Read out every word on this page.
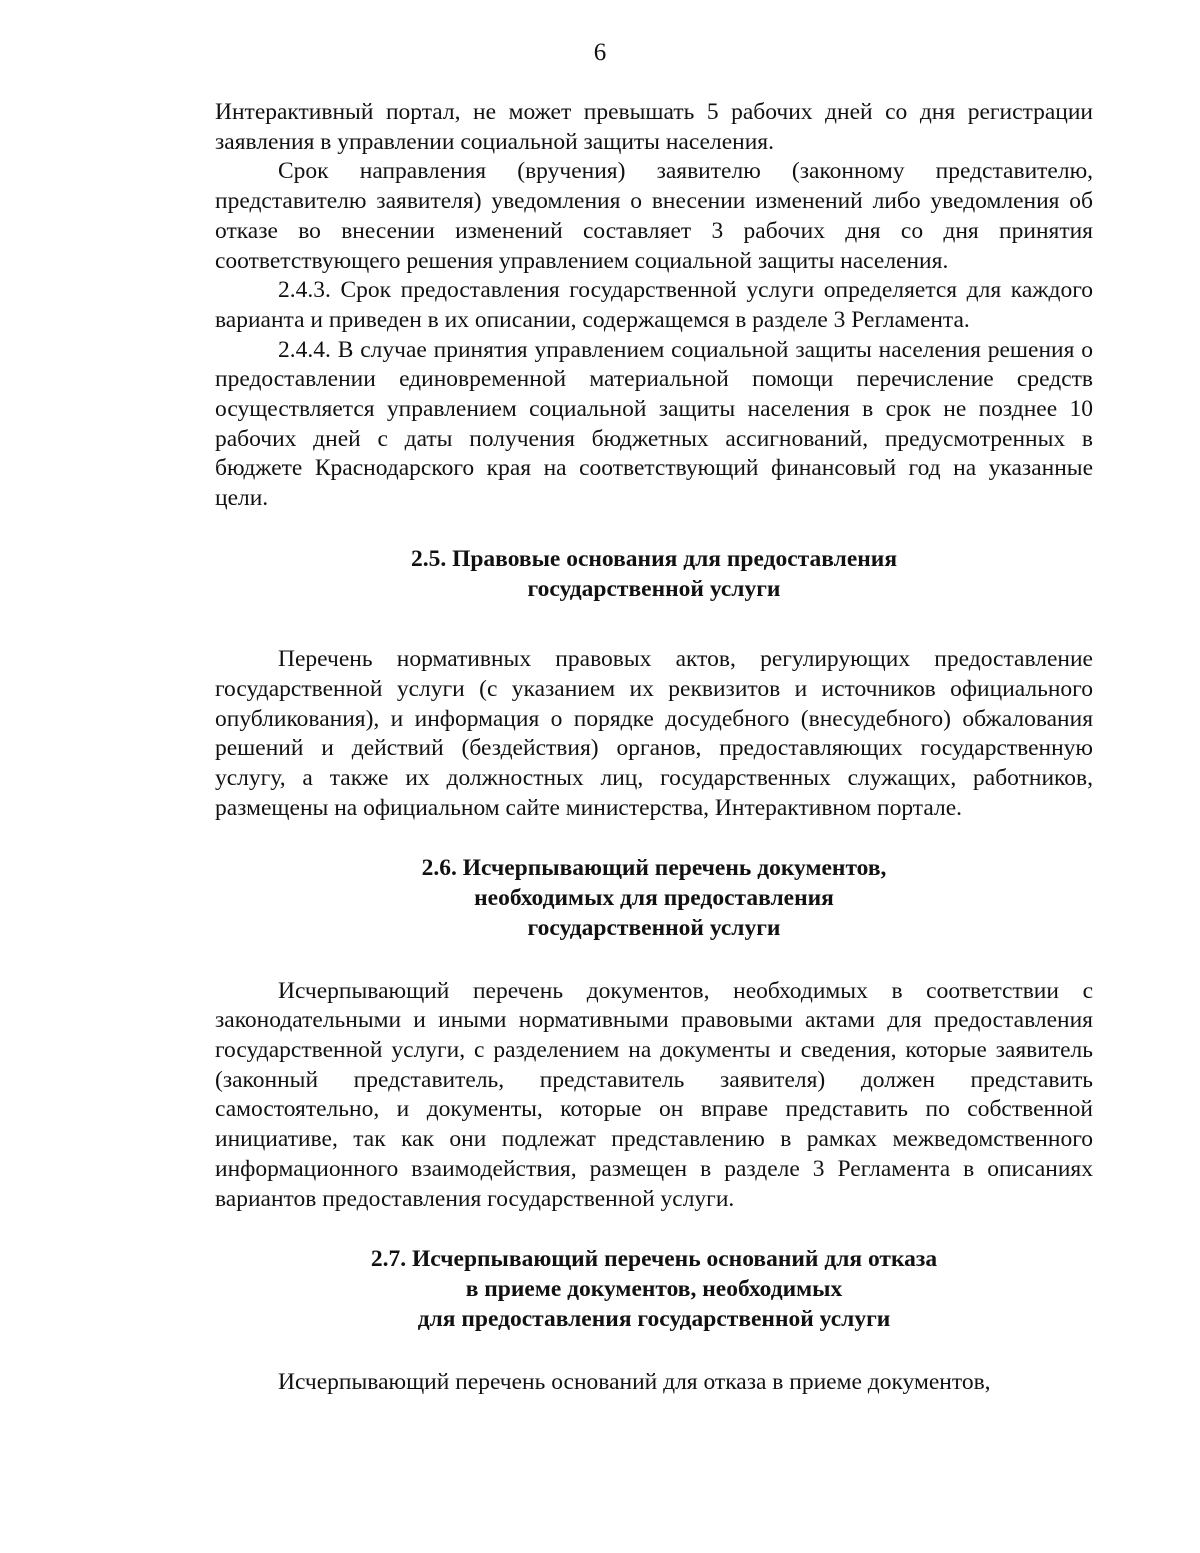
6

Интерактивный портал, не может превышать 5 рабочих дней со дня регистрации заявления в управлении социальной защиты населения.

Срок направления (вручения) заявителю (законному представителю, представителю заявителя) уведомления о внесении изменений либо уведомления об отказе во внесении изменений составляет 3 рабочих дня со дня принятия соответствующего решения управлением социальной защиты населения.

2.4.3. Срок предоставления государственной услуги определяется для каждого варианта и приведен в их описании, содержащемся в разделе 3 Регламента.

2.4.4. В случае принятия управлением социальной защиты населения решения о предоставлении единовременной материальной помощи перечисление средств осуществляется управлением социальной защиты населения в срок не позднее 10 рабочих дней с даты получения бюджетных ассигнований, предусмотренных в бюджете Краснодарского края на соответствующий финансовый год на указанные цели.

2.5. Правовые основания для предоставления
государственной услуги

Перечень нормативных правовых актов, регулирующих предоставление государственной услуги (с указанием их реквизитов и источников официального опубликования), и информация о порядке досудебного (внесудебного) обжалования решений и действий (бездействия) органов, предоставляющих государственную услугу, а также их должностных лиц, государственных служащих, работников, размещены на официальном сайте министерства, Интерактивном портале.

2.6. Исчерпывающий перечень документов,
необходимых для предоставления
государственной услуги

Исчерпывающий перечень документов, необходимых в соответствии с законодательными и иными нормативными правовыми актами для предоставления государственной услуги, с разделением на документы и сведения, которые заявитель (законный представитель, представитель заявителя) должен представить самостоятельно, и документы, которые он вправе представить по собственной инициативе, так как они подлежат представлению в рамках межведомственного информационного взаимодействия, размещен в разделе 3 Регламента в описаниях вариантов предоставления государственной услуги.

2.7. Исчерпывающий перечень оснований для отказа
в приеме документов, необходимых
для предоставления государственной услуги

Исчерпывающий перечень оснований для отказа в приеме документов,
